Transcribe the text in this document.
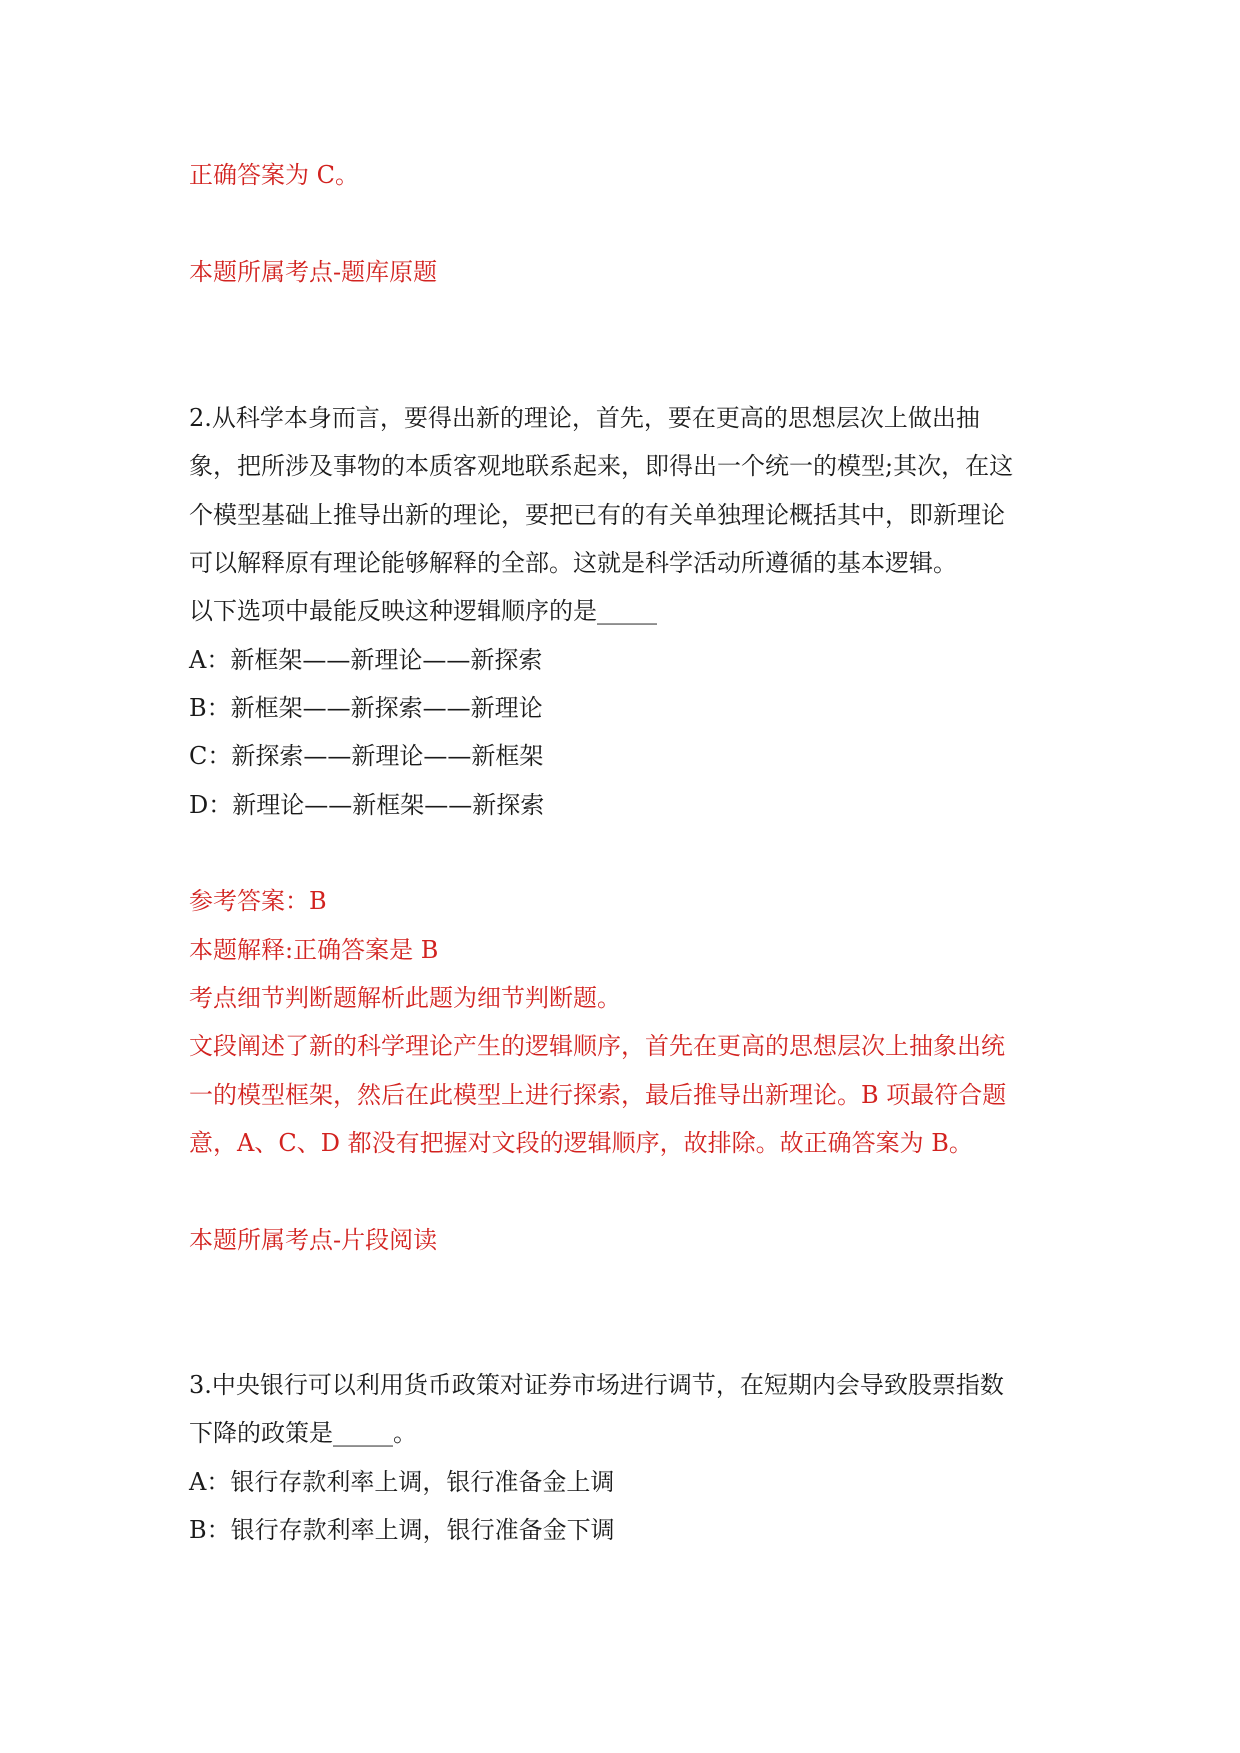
正确答案为 C。
本题所属考点-题库原题
2.从科学本身而言，要得出新的理论，首先，要在更高的思想层次上做出抽
象，把所涉及事物的本质客观地联系起来，即得出一个统一的模型;其次，在这
个模型基础上推导出新的理论，要把已有的有关单独理论概括其中，即新理论
可以解释原有理论能够解释的全部。这就是科学活动所遵循的基本逻辑。
以下选项中最能反映这种逻辑顺序的是_____
A：新框架——新理论——新探索
B：新框架——新探索——新理论
C：新探索——新理论——新框架
D：新理论——新框架——新探索
参考答案：B
本题解释:正确答案是 B
考点细节判断题解析此题为细节判断题。
文段阐述了新的科学理论产生的逻辑顺序，首先在更高的思想层次上抽象出统
一的模型框架，然后在此模型上进行探索，最后推导出新理论。B 项最符合题
意，A、C、D 都没有把握对文段的逻辑顺序，故排除。故正确答案为 B。
本题所属考点-片段阅读
3.中央银行可以利用货币政策对证券市场进行调节，在短期内会导致股票指数
下降的政策是_____。
A：银行存款利率上调，银行准备金上调
B：银行存款利率上调，银行准备金下调
